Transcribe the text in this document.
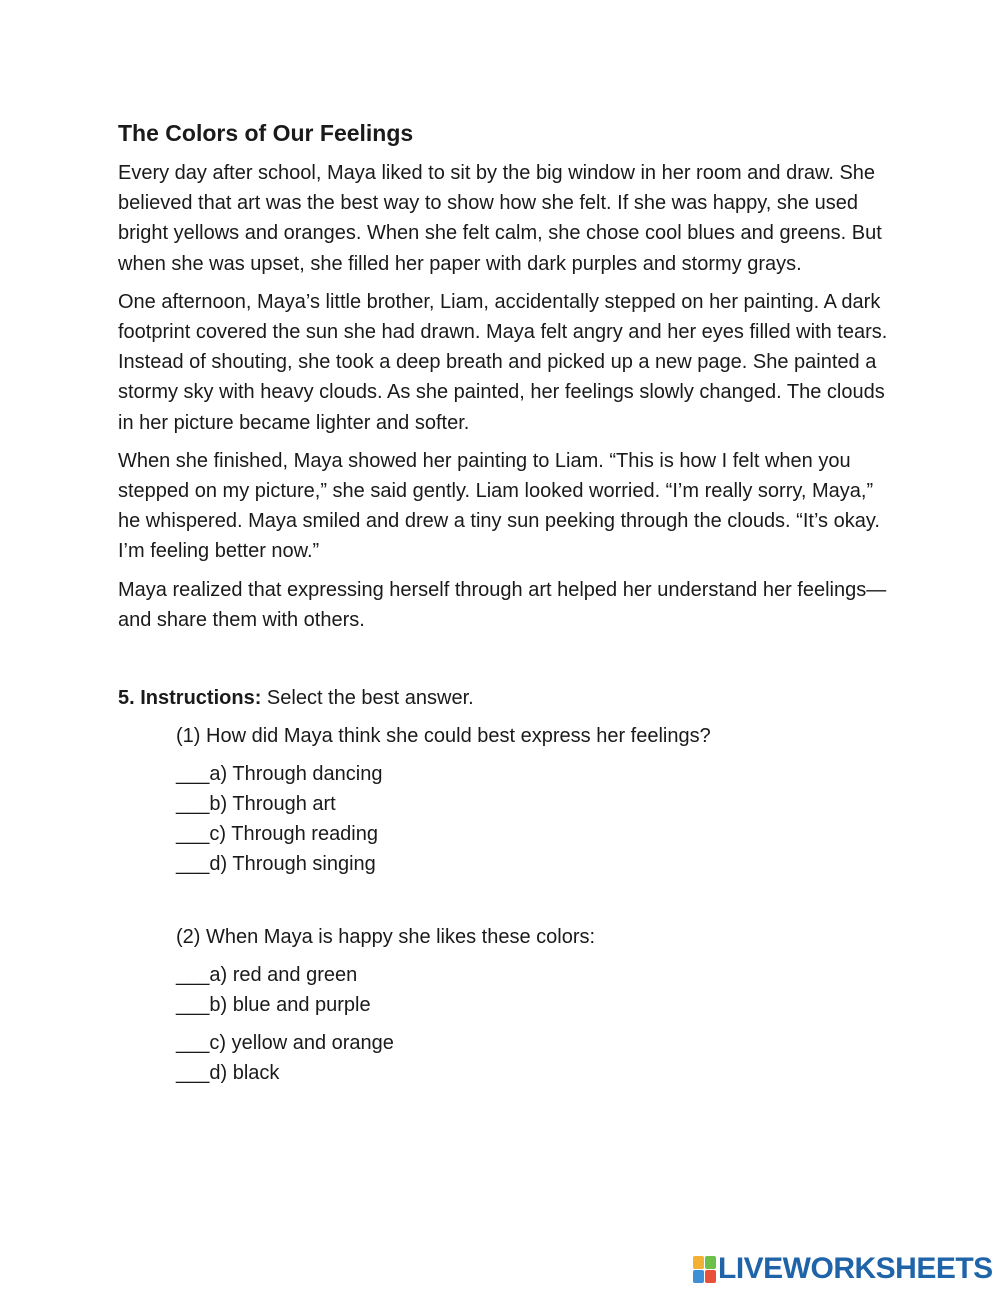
The Colors of Our Feelings

Every day after school, Maya liked to sit by the big window in her room and draw. She believed that art was the best way to show how she felt. If she was happy, she used bright yellows and oranges. When she felt calm, she chose cool blues and greens. But when she was upset, she filled her paper with dark purples and stormy grays.

One afternoon, Maya’s little brother, Liam, accidentally stepped on her painting. A dark footprint covered the sun she had drawn. Maya felt angry and her eyes filled with tears. Instead of shouting, she took a deep breath and picked up a new page. She painted a stormy sky with heavy clouds. As she painted, her feelings slowly changed. The clouds in her picture became lighter and softer.

When she finished, Maya showed her painting to Liam. “This is how I felt when you stepped on my picture,” she said gently. Liam looked worried. “I’m really sorry, Maya,” he whispered. Maya smiled and drew a tiny sun peeking through the clouds. “It’s okay. I’m feeling better now.”

Maya realized that expressing herself through art helped her understand her feelings—and share them with others.

5. Instructions: Select the best answer.
(1) How did Maya think she could best express her feelings?
___ a) Through dancing
___ b) Through art
___ c) Through reading
___ d) Through singing
(2) When Maya is happy she likes these colors:
___ a) red and green
___ b) blue and purple
___ c) yellow and orange
___ d) black
LIVEWORKSHEETS
